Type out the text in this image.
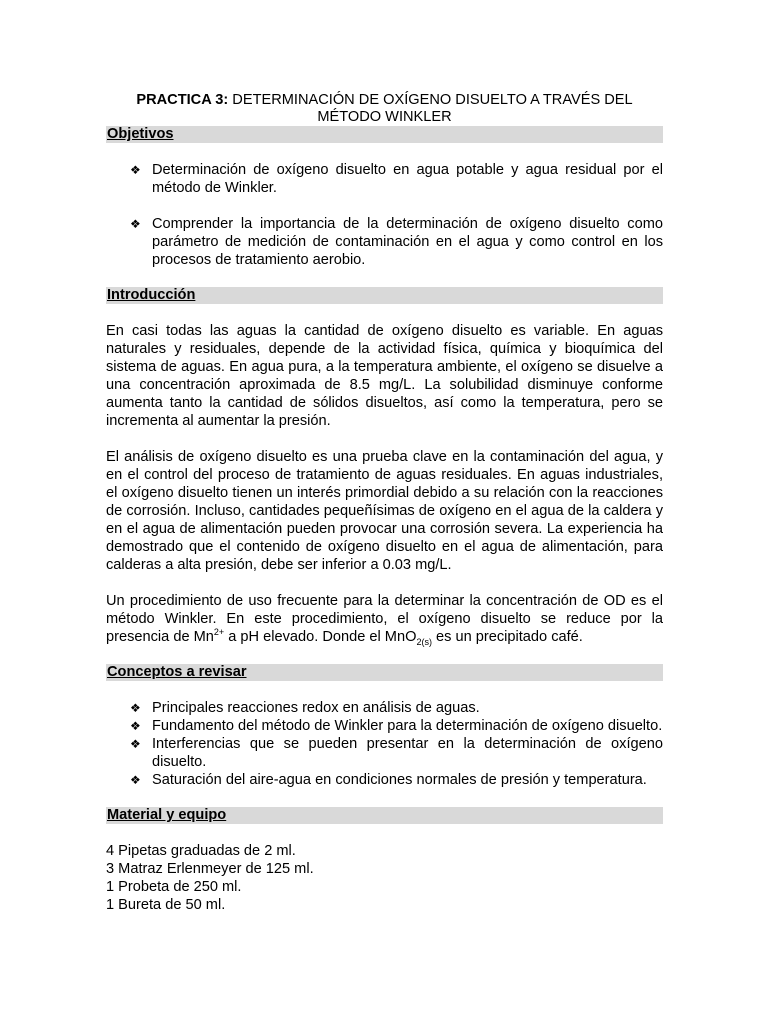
PRACTICA 3: DETERMINACIÓN DE OXÍGENO DISUELTO A TRAVÉS DEL MÉTODO WINKLER
Objetivos
❖ Determinación de oxígeno disuelto en agua potable y agua residual por el método de Winkler.
❖ Comprender la importancia de la determinación de oxígeno disuelto como parámetro de medición de contaminación en el agua y como control en los procesos de tratamiento aerobio.
Introducción

En casi todas las aguas la cantidad de oxígeno disuelto es variable. En aguas naturales y residuales, depende de la actividad física, química y bioquímica del sistema de aguas. En agua pura, a la temperatura ambiente, el oxígeno se disuelve a una concentración aproximada de 8.5 mg/L. La solubilidad disminuye conforme aumenta tanto la cantidad de sólidos disueltos, así como la temperatura, pero se incrementa al aumentar la presión.

El análisis de oxígeno disuelto es una prueba clave en la contaminación del agua, y en el control del proceso de tratamiento de aguas residuales. En aguas industriales, el oxígeno disuelto tienen un interés primordial debido a su relación con la reacciones de corrosión. Incluso, cantidades pequeñísimas de oxígeno en el agua de la caldera y en el agua de alimentación pueden provocar una corrosión severa. La experiencia ha demostrado que el contenido de oxígeno disuelto en el agua de alimentación, para calderas a alta presión, debe ser inferior a 0.03 mg/L.

Un procedimiento de uso frecuente para la determinar la concentración de OD es el método Winkler. En este procedimiento, el oxígeno disuelto se reduce por la presencia de $Mn^{2+}$ a pH elevado. Donde el MnO$_{2(s)}$ es un precipitado café.

Conceptos a revisar
❖ Principales reacciones redox en análisis de aguas.
❖ Fundamento del método de Winkler para la determinación de oxígeno disuelto.
❖ Interferencias que se pueden presentar en la determinación de oxígeno disuelto.
❖ Saturación del aire-agua en condiciones normales de presión y temperatura.
Material y equipo

4 Pipetas graduadas de 2 ml.

3 Matraz Erlenmeyer de 125 ml.

1 Probeta de 250 ml.

1 Bureta de 50 ml.
